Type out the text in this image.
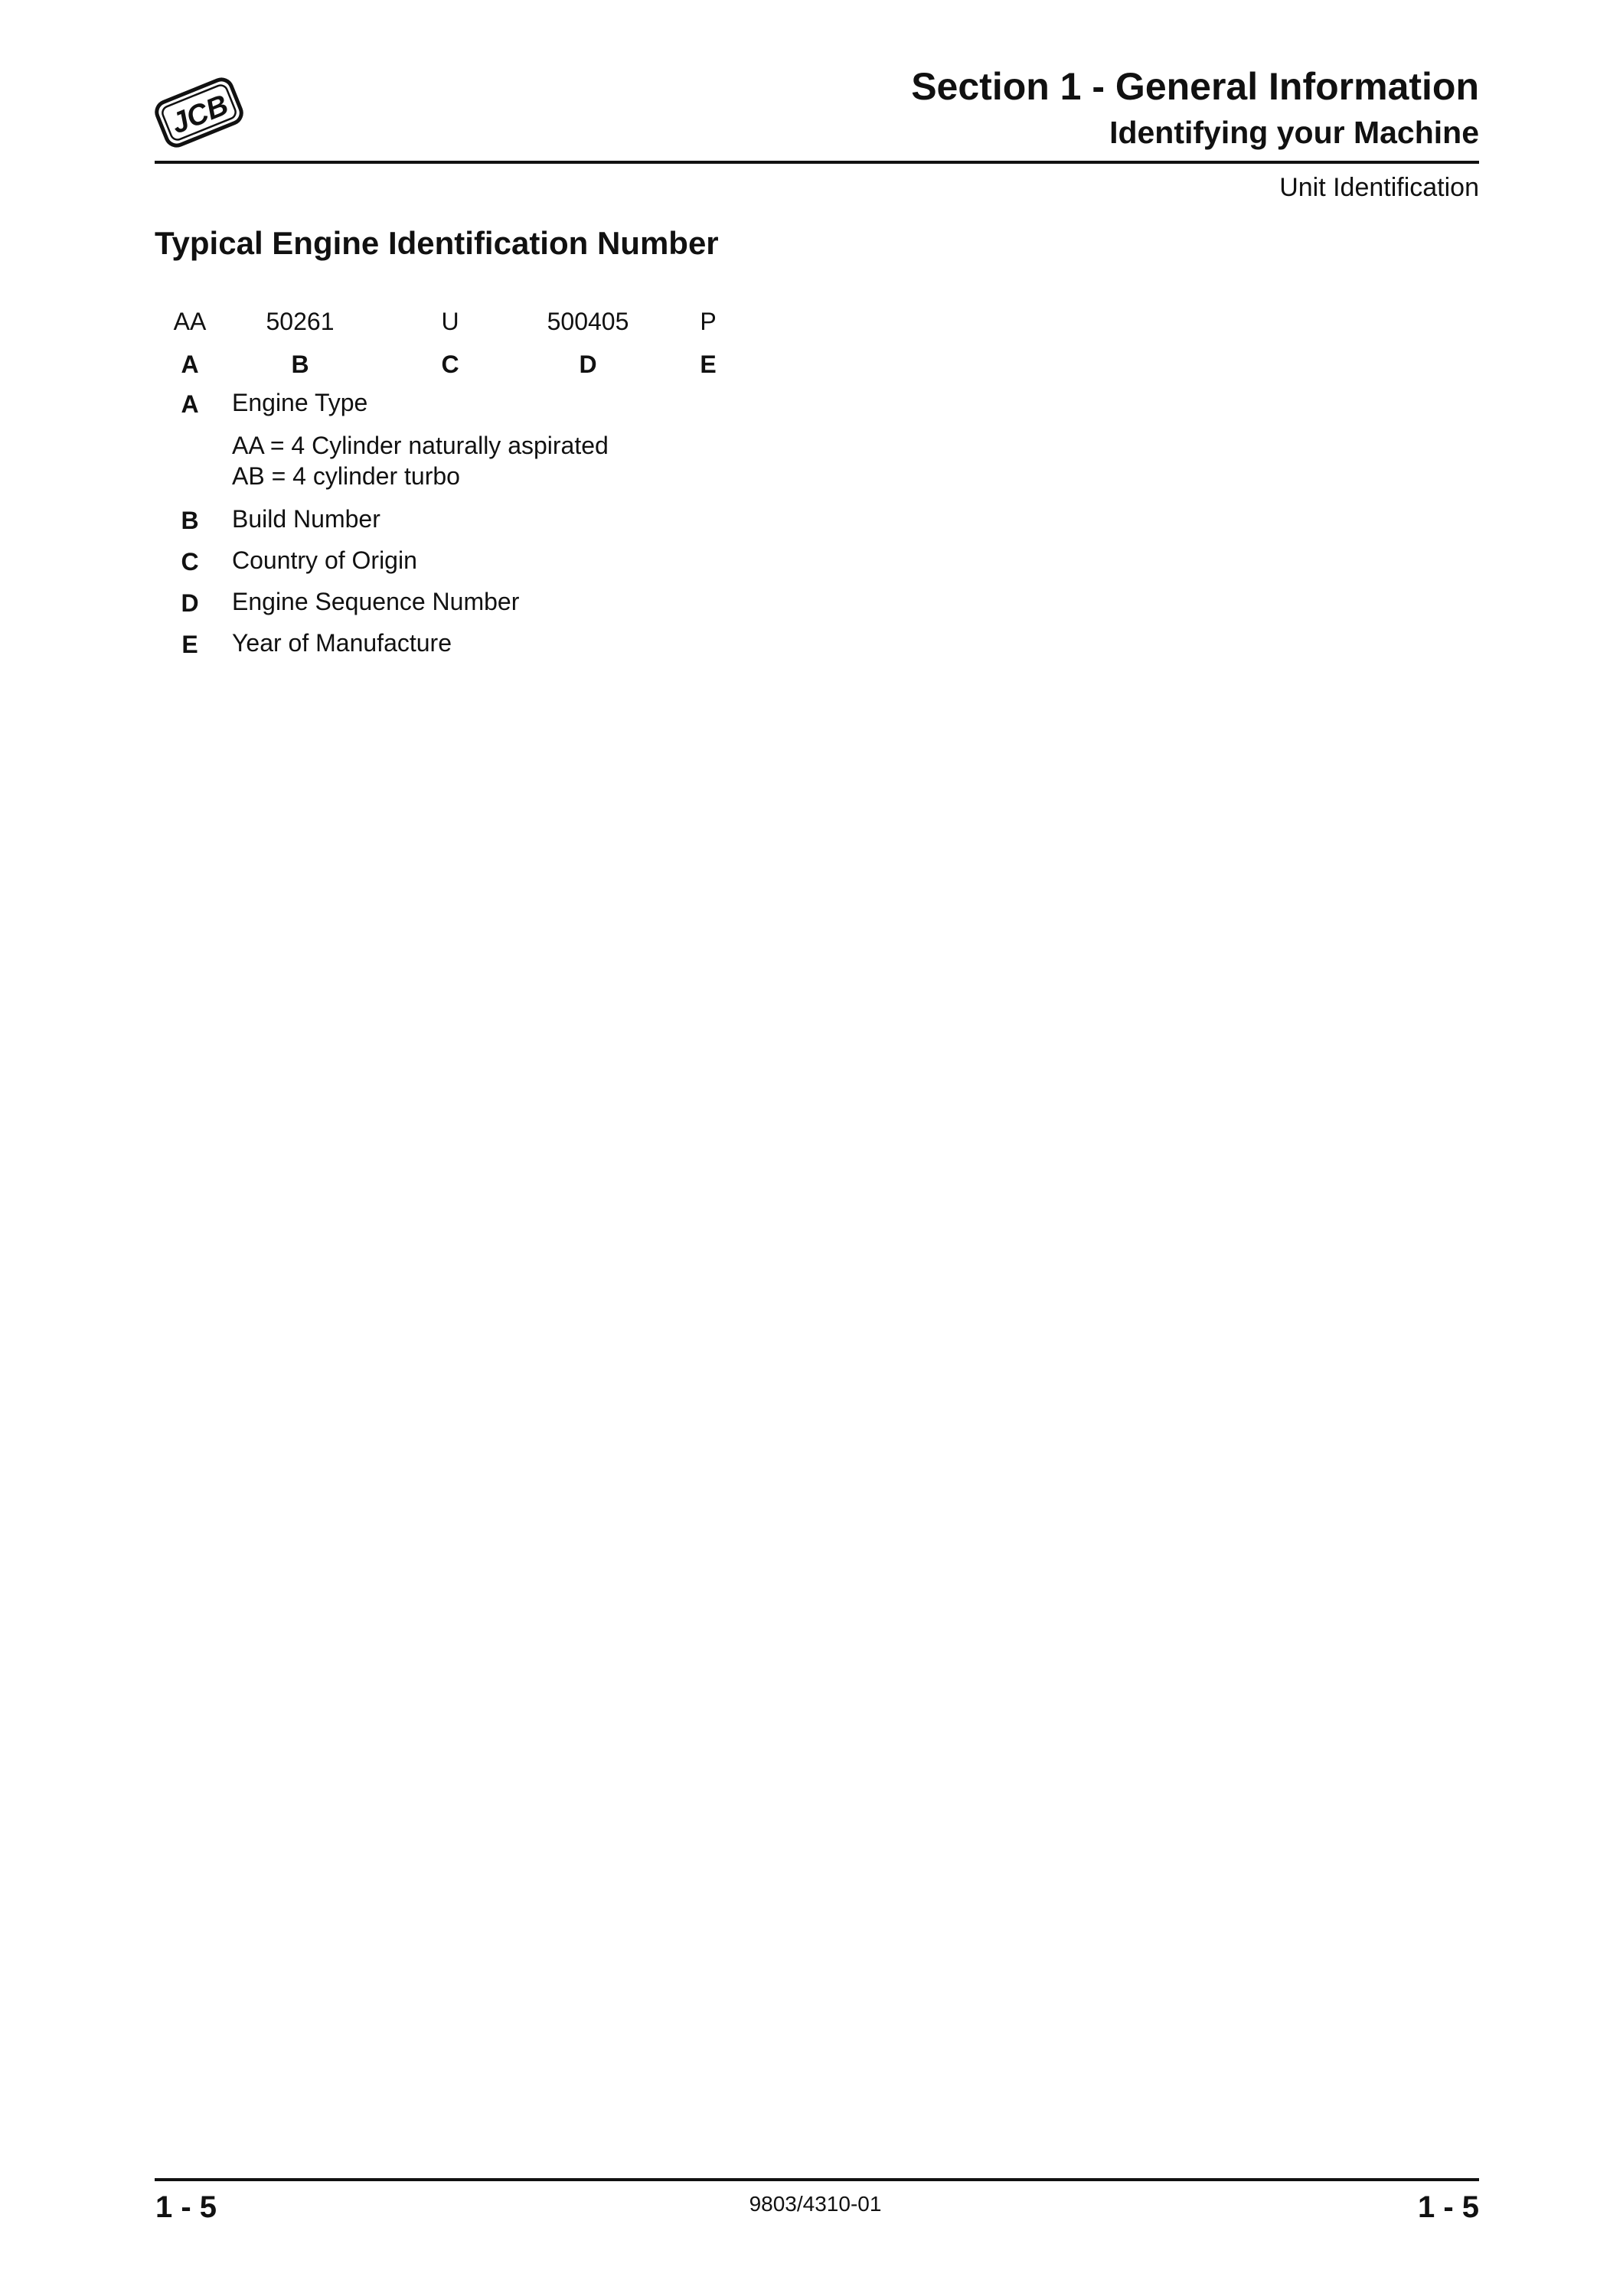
JCB
Section 1 - General Information
Identifying your Machine
Unit Identification
Typical Engine Identification Number
AA 50261	U	500405	P
A	B	C	D	E
A Engine Type
AA = 4 Cylinder naturally aspirated
AB = 4 cylinder turbo
B Build Number
C Country of Origin
D Engine Sequence Number
E Year of Manufacture
1 - 5	9803/4310-01	1 - 5
